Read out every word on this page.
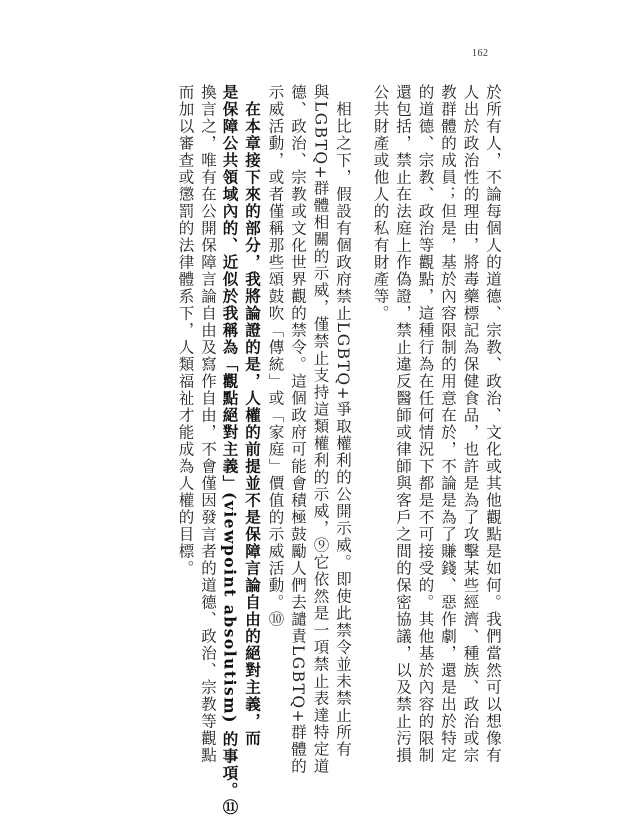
162
於所有人，不論每個人的道德、宗教、政治、文化或其他觀點是如何。我們當然可以想像有
人出於政治性的理由，將毒藥標記為保健食品，也許是為了攻擊某些經濟、種族、政治或宗
教群體的成員；但是，基於內容限制的用意在於，不論是為了賺錢、惡作劇，還是出於特定
的道德、宗教、政治等觀點，這種行為在任何情況下都是不可接受的。其他基於內容的限制
還包括，禁止在法庭上作偽證，禁止違反醫師或律師與客戶之間的保密協議，以及禁止污損
公共財產或他人的私有財產等。
　相比之下，假設有個政府禁止LGBTQ+爭取權利的公開示威。即使此禁令並未禁止所有
與LGBTQ+群體相關的示威，僅禁止支持這類權利的示威，⑨它依然是一項禁止表達特定道
德、政治、宗教或文化世界觀的禁令。這個政府可能會積極鼓勵人們去譴責LGBTQ+群體的
示威活動，或者僅稱那些頌鼓吹「傳統」或「家庭」價值的示威活動。⑩
　在本章接下來的部分，我將論證的是，人權的前提並不是保障言論自由的絕對主義，而
是保障公共領域內的、近似於我稱為「觀點絕對主義」(viewpoint absolutism) 的事項。⑪
換言之，唯有在公開保障言論自由及寫作自由，不會僅因發言者的道德、政治、宗教等觀點
而加以審查或懲罰的法律體系下，人類福祉才能成為人權的目標。
